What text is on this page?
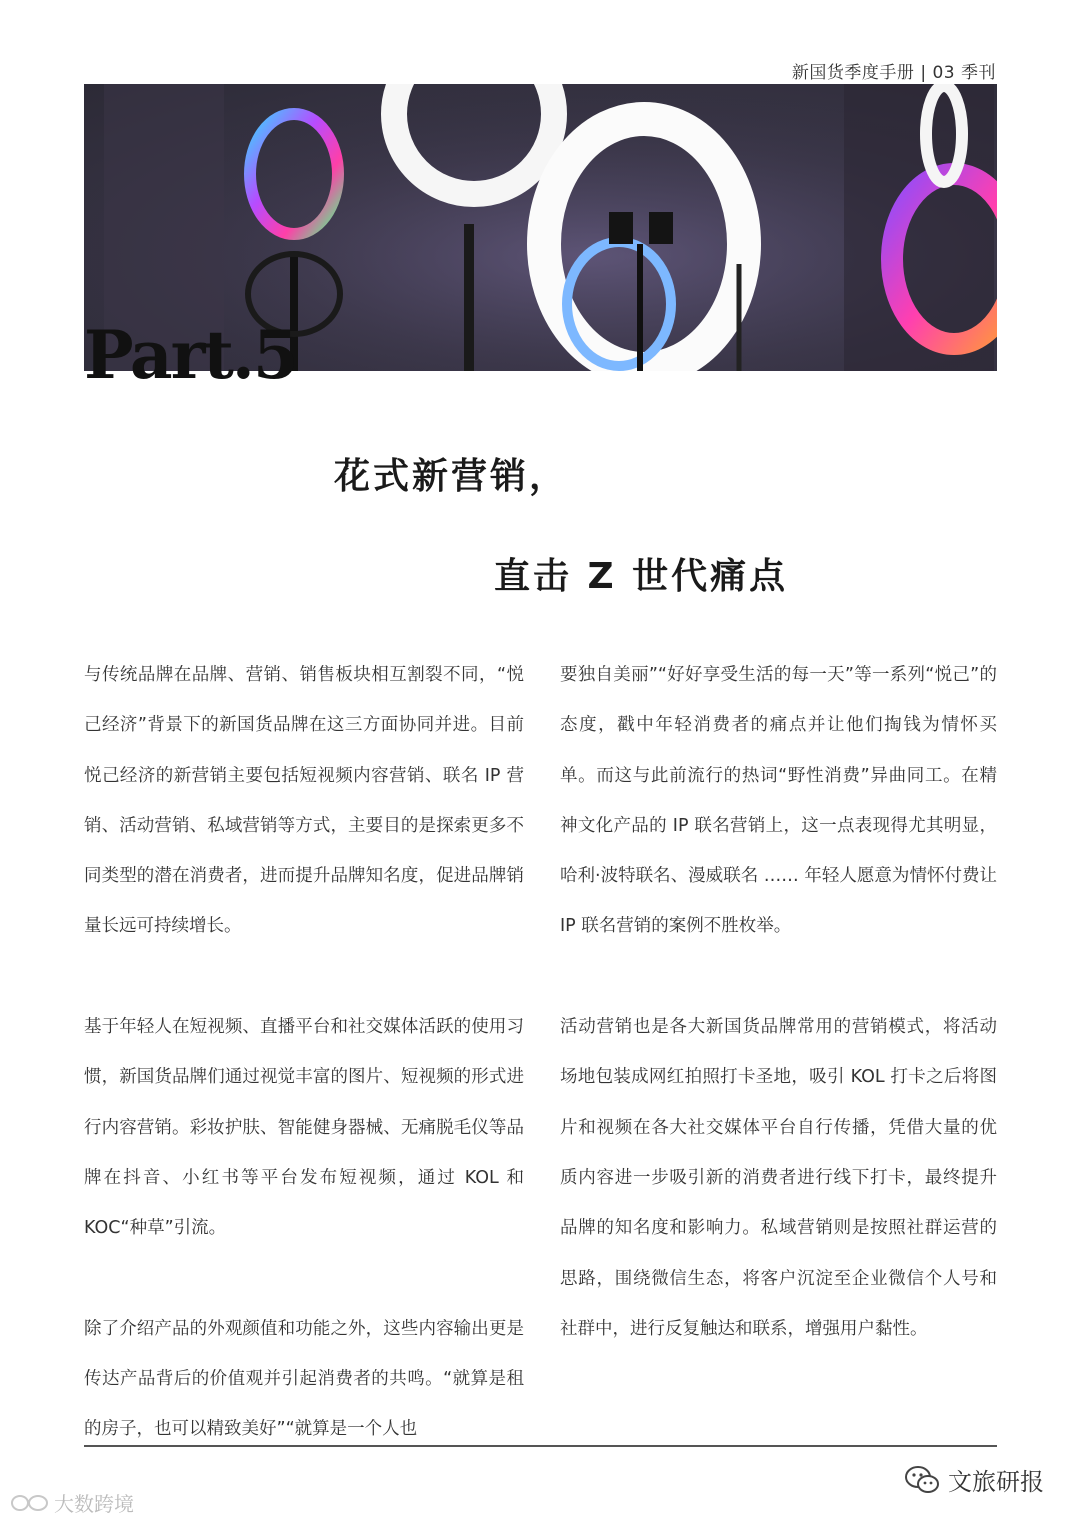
新国货季度手册 | 03 季刊
Part.5
花式新营销，
直击 Z 世代痛点

与传统品牌在品牌、营销、销售板块相互割裂不同，“悦己经济”背景下的新国货品牌在这三方面协同并进。目前悦己经济的新营销主要包括短视频内容营销、联名 IP 营销、活动营销、私域营销等方式，主要目的是探索更多不同类型的潜在消费者，进而提升品牌知名度，促进品牌销量长远可持续增长。

基于年轻人在短视频、直播平台和社交媒体活跃的使用习惯，新国货品牌们通过视觉丰富的图片、短视频的形式进行内容营销。彩妆护肤、智能健身器械、无痛脱毛仪等品牌在抖音、小红书等平台发布短视频，通过 KOL 和 KOC“种草”引流。

除了介绍产品的外观颜值和功能之外，这些内容输出更是传达产品背后的价值观并引起消费者的共鸣。“就算是租的房子，也可以精致美好”“就算是一个人也

要独自美丽”“好好享受生活的每一天”等一系列“悦己”的态度，戳中年轻消费者的痛点并让他们掏钱为情怀买单。而这与此前流行的热词“野性消费”异曲同工。在精神文化产品的 IP 联名营销上，这一点表现得尤其明显，哈利·波特联名、漫威联名 …… 年轻人愿意为情怀付费让 IP 联名营销的案例不胜枚举。

活动营销也是各大新国货品牌常用的营销模式，将活动场地包装成网红拍照打卡圣地，吸引 KOL 打卡之后将图片和视频在各大社交媒体平台自行传播，凭借大量的优质内容进一步吸引新的消费者进行线下打卡，最终提升品牌的知名度和影响力。私域营销则是按照社群运营的思路，围绕微信生态，将客户沉淀至企业微信个人号和社群中，进行反复触达和联系，增强用户黏性。

大数跨境
文旅研报
